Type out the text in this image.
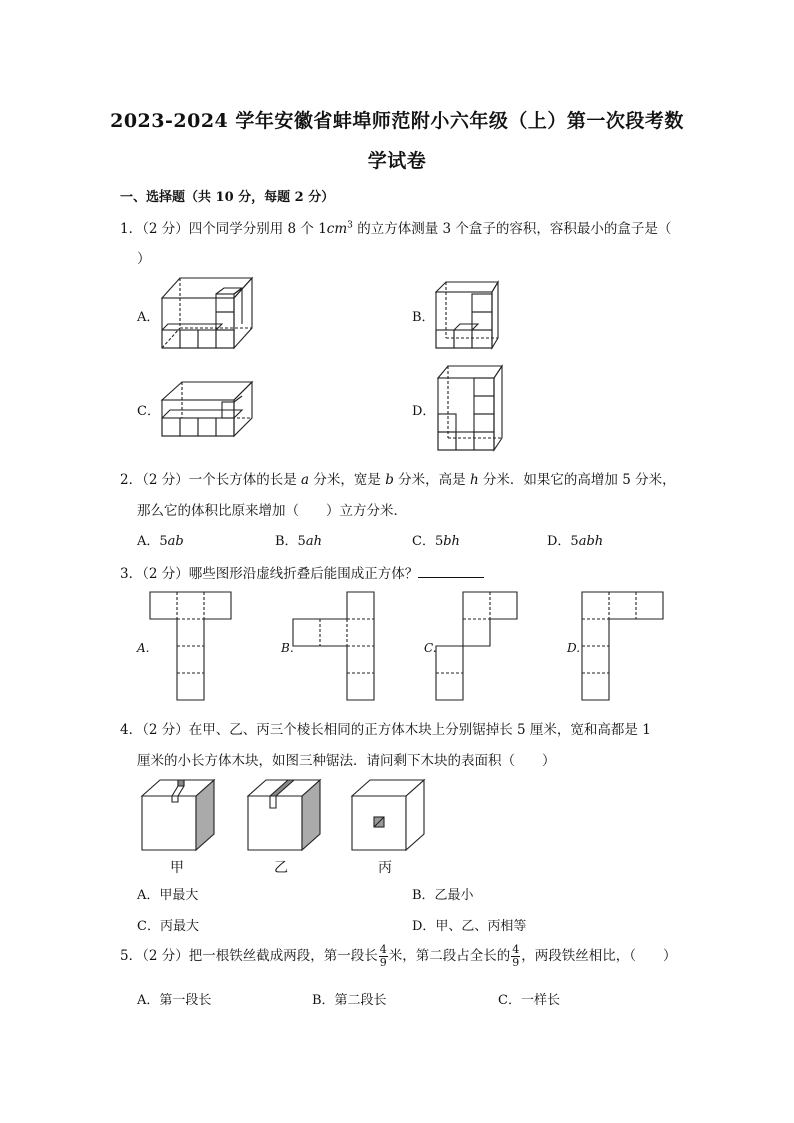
2023-2024 学年安徽省蚌埠师范附小六年级（上）第一次段考数
学试卷
一、选择题（共 10 分，每题 2 分）
1．（2 分）四个同学分别用 8 个 $1cm^3$ 的立方体测量 3 个盒子的容积，容积最小的盒子是（
）
A．	B．
C．	D．
2．（2 分）一个长方体的长是 a 分米，宽是 b 分米，高是 h 分米．如果它的高增加 5 分米，
那么它的体积比原来增加（　　）立方分米．
A．5ab	B．5ah	C．5bh	D．5abh
3．（2 分）哪些图形沿虚线折叠后能围成正方体？
A.	B.	C.	D.
4．（2 分）在甲、乙、丙三个棱长相同的正方体木块上分别锯掉长 5 厘米，宽和高都是 1
厘米的小长方体木块，如图三种锯法．请问剩下木块的表面积（　　）
甲	乙	丙
A．甲最大	B．乙最小
C．丙最大	D．甲、乙、丙相等
5．（2 分）把一根铁丝截成两段，第一段长 $\frac{4}{9}$ 米，第二段占全长的 $\frac{4}{9}$ ，两段铁丝相比，（　　）
A．第一段长	B．第二段长	C．一样长
